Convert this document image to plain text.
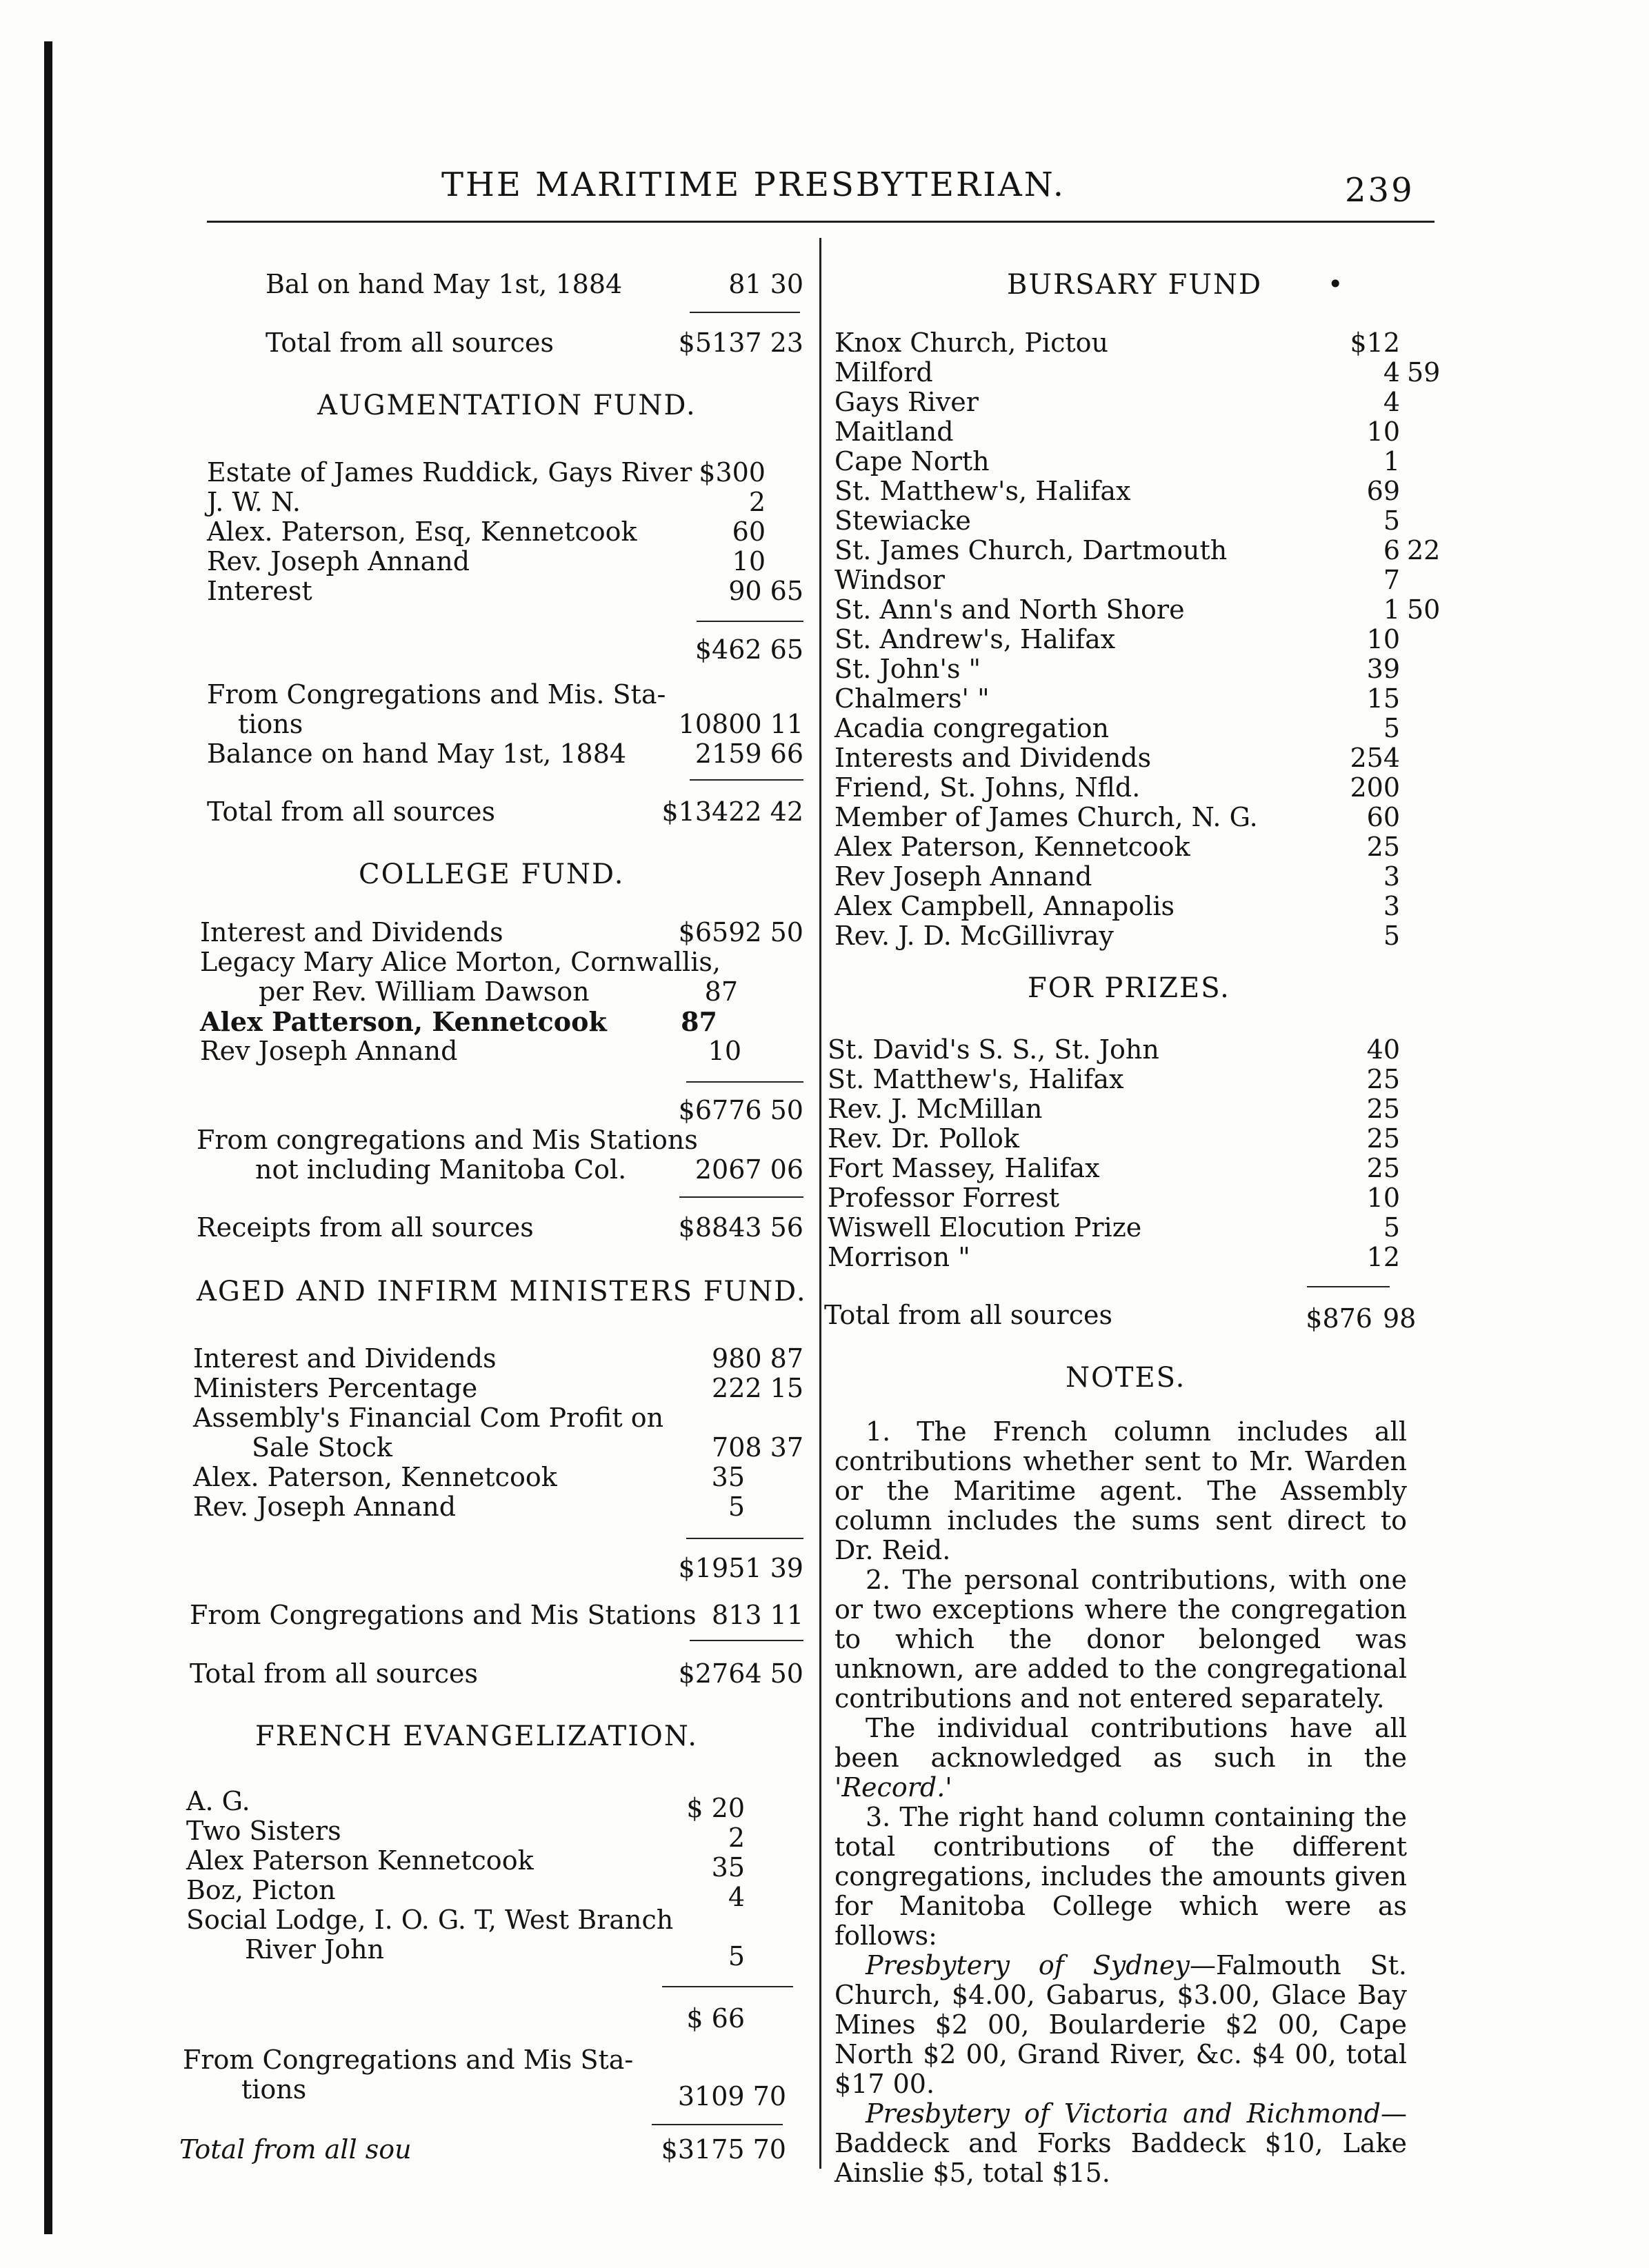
THE MARITIME PRESBYTERIAN.	239
Bal on hand May 1st, 1884	81 30
Total from all sources	$5137 23
AUGMENTATION FUND.
Estate of James Ruddick, Gays River $300
J. W. N.	2
Alex. Paterson, Esq, Kennetcook	60
Rev. Joseph Annand	10
Interest	90 65
$462 65
From Congregations and Mis. Sta-
tions	10800 11
Balance on hand May 1st, 1884	2159 66
Total from all sources	$13422 42
COLLEGE FUND.
Interest and Dividends	$6592 50
Legacy Mary Alice Morton, Cornwallis,
per Rev. William Dawson	87
Alex Patterson, Kennetcook	87
Rev Joseph Annand	10
$6776 50
From congregations and Mis Stations
not including Manitoba Col.	2067 06
Receipts from all sources	$8843 56
AGED AND INFIRM MINISTERS FUND.
Interest and Dividends	980 87
Ministers Percentage	222 15
Assembly's Financial Com Profit on
Sale Stock	708 37
Alex. Paterson, Kennetcook	35
Rev. Joseph Annand	5
$1951 39
From Congregations and Mis Stations 813 11
Total from all sources	$2764 50
FRENCH EVANGELIZATION.
A. G.	$ 20
Two Sisters	2
Alex Paterson Kennetcook	35
Boz, Picton	4
Social Lodge, I. O. G. T, West Branch
River John	5
$ 66
From Congregations and Mis Sta-
tions	3109 70
Total from all sou	$3175 70
BURSARY FUND •
Knox Church, Pictou	$12
Milford	4 59
Gays River	4
Maitland	10
Cape North	1
St. Matthew's, Halifax	69
Stewiacke	5
St. James Church, Dartmouth	6 22
Windsor	7
St. Ann's and North Shore	1 50
St. Andrew's, Halifax	10
St. John's "	39
Chalmers' "	15
Acadia congregation	5
Interests and Dividends	254
Friend, St. Johns, Nfld.	200
Member of James Church, N. G.	60
Alex Paterson, Kennetcook	25
Rev Joseph Annand	3
Alex Campbell, Annapolis	3
Rev. J. D. McGillivray	5
FOR PRIZES.
St. David's S. S., St. John	40
St. Matthew's, Halifax	25
Rev. J. McMillan	25
Rev. Dr. Pollok	25
Fort Massey, Halifax	25
Professor Forrest	10
Wiswell Elocution Prize	5
Morrison "	12
Total from all sources	$876 98
NOTES.

1. The French column includes all contributions whether sent to Mr. Warden or the Maritime agent. The Assembly column includes the sums sent direct to Dr. Reid.

2. The personal contributions, with one or two exceptions where the congregation to which the donor belonged was unknown, are added to the congregational contributions and not entered separately.

The individual contributions have all been acknowledged as such in the 'Record.'

3. The right hand column containing the total contributions of the different congregations, includes the amounts given for Manitoba College which were as follows:

Presbytery of Sydney—Falmouth St. Church, $4.00, Gabarus, $3.00, Glace Bay Mines $2 00, Boularderie $2 00, Cape North $2 00, Grand River, &c. $4 00, total $17 00.

Presbytery of Victoria and Richmond—Baddeck and Forks Baddeck $10, Lake Ainslie $5, total $15.
